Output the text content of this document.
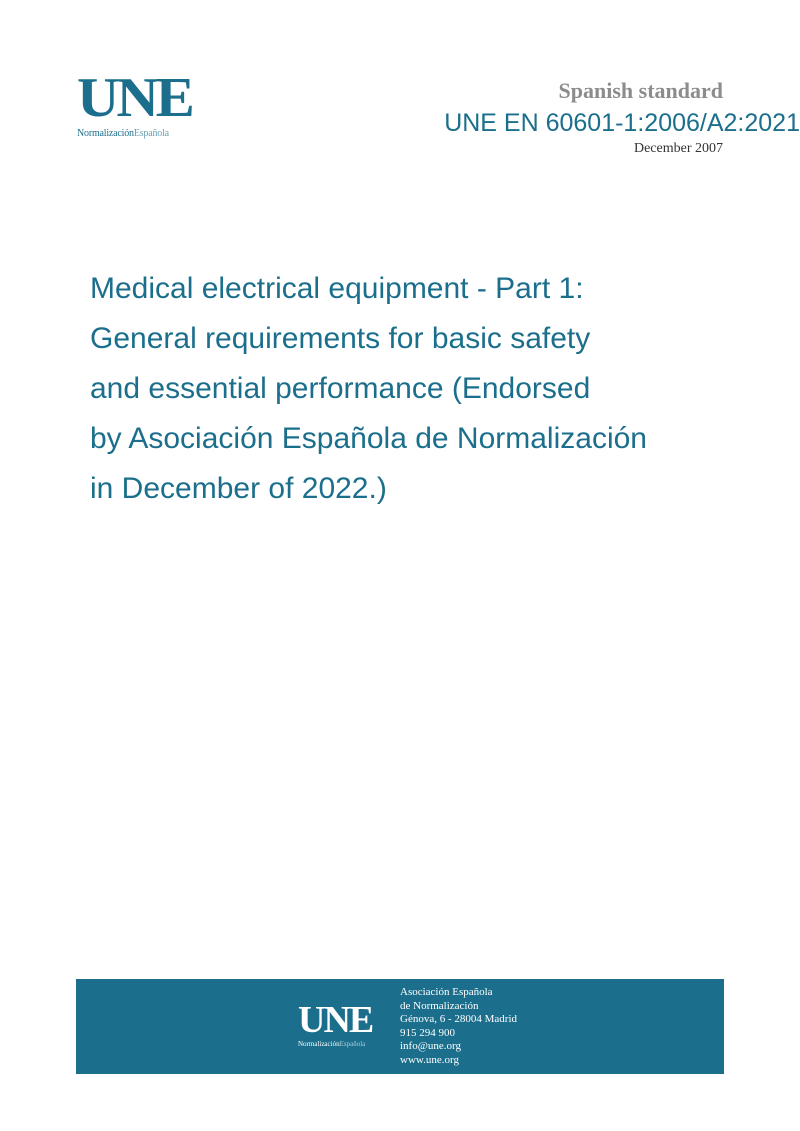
UNE
NormalizaciónEspañola
Spanish standard
UNE EN 60601-1:2006/A2:2021
December 2007
Medical electrical equipment - Part 1:
General requirements for basic safety
and essential performance (Endorsed
by Asociación Española de Normalización
in December of 2022.)
UNE
NormalizaciónEspañola
Asociación Española
de Normalización
Génova, 6 - 28004 Madrid
915 294 900
info@une.org
www.une.org
